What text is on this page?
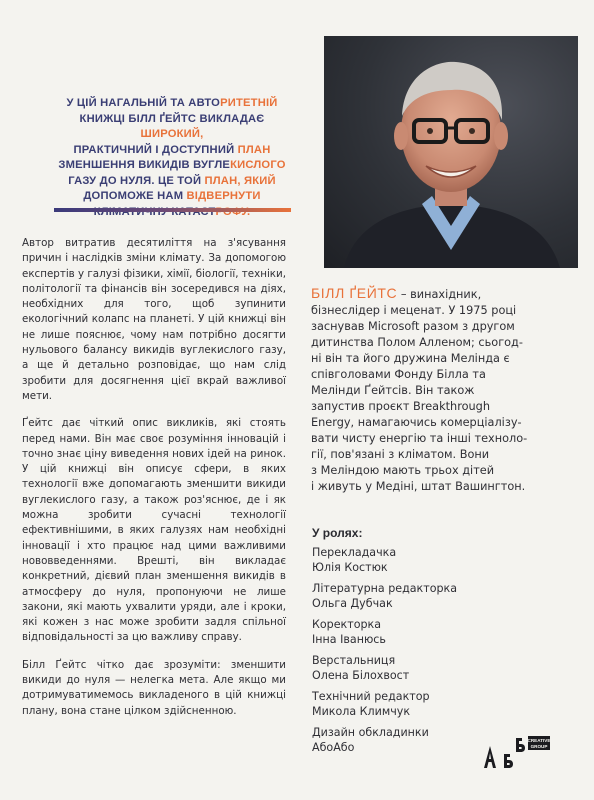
У ЦІЙ НАГАЛЬНІЙ ТА АВТОРИТЕТНІЙ
КНИЖЦІ БІЛЛ ҐЕЙТС ВИКЛАДАЄ ШИРОКИЙ,
ПРАКТИЧНИЙ І ДОСТУПНИЙ ПЛАН
ЗМЕНШЕННЯ ВИКИДІВ ВУГЛЕКИСЛОГО
ГАЗУ ДО НУЛЯ. ЦЕ ТОЙ ПЛАН, ЯКИЙ
ДОПОМОЖЕ НАМ ВІДВЕРНУТИ

Автор витратив десятиліття на з'ясування причин і наслідків зміни клімату. За допомогою експертів у галузі фізики, хімії, біології, техніки, політології та фінансів він зосередився на діях, необхідних для того, щоб зупинити екологічний колапс на планеті. У цій книжці він не лише пояснює, чому нам потрібно досягти нульового балансу викидів вуглекислого газу, а ще й детально розповідає, що нам слід зробити для досягнення цієї вкрай важливої мети.

Ґейтс дає чіткий опис викликів, які стоять перед нами. Він має своє розуміння інновацій і точно знає ціну виведення нових ідей на ринок. У цій книжці він описує сфери, в яких технології вже допомагають зменшити викиди вуглекислого газу, а також роз'яснює, де і як можна зробити сучасні технології ефективнішими, в яких галузях нам необхідні інновації і хто працює над цими важливими нововведеннями. Врешті, він викладає конкретний, дієвий план зменшення викидів в атмосферу до нуля, пропонуючи не лише закони, які мають ухвалити уряди, але і кроки, які кожен з нас може зробити задля спільної відповідальності за цю важливу справу.

Білл Ґейтс чітко дає зрозуміти: зменшити викиди до нуля — нелегка мета. Але якщо ми дотримуватимемось викладеного в цій книжці плану, вона стане цілком здійсненною.

БІЛЛ ҐЕЙТС – винахідник,
бізнеслідер і меценат. У 1975 році
заснував Microsoft разом з другом
дитинства Полом Алленом; сьогод-
ні він та його дружина Мелінда є
співголовами Фонду Білла та
Мелінди Ґейтсів. Він також
запустив проєкт Breakthrough
Energy, намагаючись комерціалізу-
вати чисту енергію та інші техноло-
гії, пов'язані з кліматом. Вони
з Меліндою мають трьох дітей
і живуть у Медіні, штат Вашингтон.
У ролях:
Перекладачка
Юлія Костюк
Літературна редакторка
Ольга Дубчак
Коректорка
Інна Іванюсь
Верстальниця
Олена Білохвост
Технічний редактор
Микола Климчук
Дизайн обкладинки
АбоАбо	CREATIVE
GROUP
